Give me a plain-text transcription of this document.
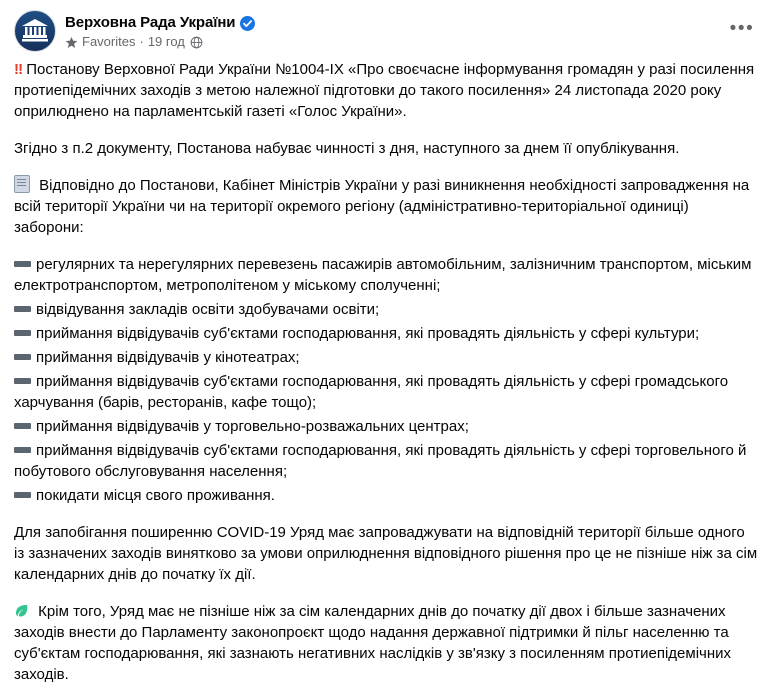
Верховна Рада України
Favorites · 19 год
•••

‼ Постанову Верховної Ради України №1004-IX «Про своєчасне інформування громадян у разі посилення протиепідемічних заходів з метою належної підготовки до такого посилення» 24 листопада 2020 року оприлюднено на парламентській газеті «Голос України».

Згідно з п.2 документу, Постанова набуває чинності з дня, наступного за днем її опублікування.

Відповідно до Постанови, Кабінет Міністрів України у разі виникнення необхідності запровадження на всій території України чи на території окремого регіону (адміністративно-територіальної одиниці) заборони:

регулярних та нерегулярних перевезень пасажирів автомобільним, залізничним транспортом, міським електротранспортом, метрополітеном у міському сполученні;
відвідування закладів освіти здобувачами освіти;
приймання відвідувачів суб'єктами господарювання, які провадять діяльність у сфері культури;
приймання відвідувачів у кінотеатрах;
приймання відвідувачів суб'єктами господарювання, які провадять діяльність у сфері громадського харчування (барів, ресторанів, кафе тощо);
приймання відвідувачів у торговельно-розважальних центрах;
приймання відвідувачів суб'єктами господарювання, які провадять діяльність у сфері торговельного й побутового обслуговування населення;
покидати місця свого проживання.

Для запобігання поширенню COVID-19 Уряд має запроваджувати на відповідній території більше одного із зазначених заходів винятково за умови оприлюднення відповідного рішення про це не пізніше ніж за сім календарних днів до початку їх дії.

Крім того, Уряд має не пізніше ніж за сім календарних днів до початку дії двох і більше зазначених заходів внести до Парламенту законопроєкт щодо надання державної підтримки й пільг населенню та суб'єктам господарювання, які зазнають негативних наслідків у зв'язку з посиленням протиепідемічних заходів.
